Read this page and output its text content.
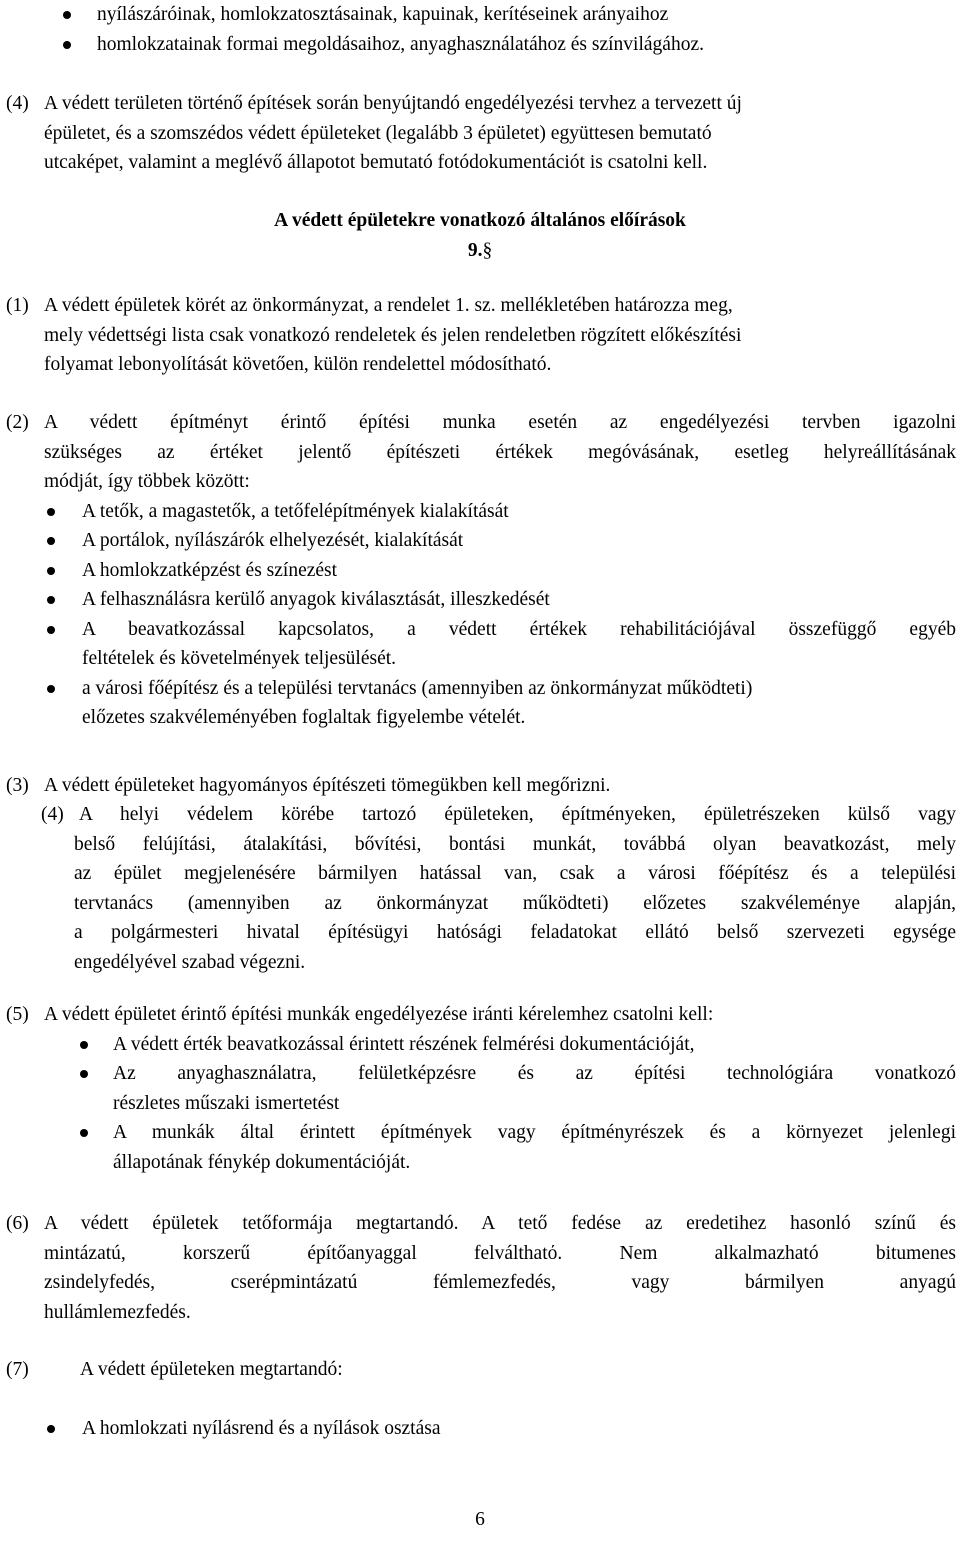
nyílászáróinak, homlokzatosztásainak, kapuinak, kerítéseinek arányaihoz
homlokzatainak formai megoldásaihoz, anyaghasználatához és színvilágához.
(4) A védett területen történő építések során benyújtandó engedélyezési tervhez a tervezett új
épületet, és a szomszédos védett épületeket (legalább 3 épületet) együttesen bemutató
utcaképet, valamint a meglévő állapotot bemutató fotódokumentációt is csatolni kell.
A védett épületekre vonatkozó általános előírások
9.§
(1) A védett épületek körét az önkormányzat, a rendelet 1. sz. mellékletében határozza meg,
mely védettségi lista csak vonatkozó rendeletek és jelen rendeletben rögzített előkészítési
folyamat lebonyolítását követően, külön rendelettel módosítható.
(2) A védett építményt érintő építési munka esetén az engedélyezési tervben igazolni
szükséges az értéket jelentő építészeti értékek megóvásának, esetleg helyreállításának
módját, így többek között:
A tetők, a magastetők, a tetőfelépítmények kialakítását
A portálok, nyílászárók elhelyezését, kialakítását
A homlokzatképzést és színezést
A felhasználásra kerülő anyagok kiválasztását, illeszkedését
A beavatkozással kapcsolatos, a védett értékek rehabilitációjával összefüggő egyéb
feltételek és követelmények teljesülését.
a városi főépítész és a települési tervtanács (amennyiben az önkormányzat működteti)
előzetes szakvéleményében foglaltak figyelembe vételét.
(3) A védett épületeket hagyományos építészeti tömegükben kell megőrizni.
(4) A helyi védelem körébe tartozó épületeken, építményeken, épületrészeken külső vagy
belső felújítási, átalakítási, bővítési, bontási munkát, továbbá olyan beavatkozást, mely
az épület megjelenésére bármilyen hatással van, csak a városi főépítész és a települési
tervtanács (amennyiben az önkormányzat működteti) előzetes szakvéleménye alapján,
a polgármesteri hivatal építésügyi hatósági feladatokat ellátó belső szervezeti egysége
engedélyével szabad végezni.
(5) A védett épületet érintő építési munkák engedélyezése iránti kérelemhez csatolni kell:
A védett érték beavatkozással érintett részének felmérési dokumentációját,
Az anyaghasználatra, felületképzésre és az építési technológiára vonatkozó
részletes műszaki ismertetést
A munkák által érintett építmények vagy építményrészek és a környezet jelenlegi
állapotának fénykép dokumentációját.
(6) A védett épületek tetőformája megtartandó. A tető fedése az eredetihez hasonló színű és
mintázatú, korszerű építőanyaggal felválthatό. Nem alkalmazható bitumenes
zsindelyfedés, cserépmintázatú fémlemezfedés, vagy bármilyen anyagú
hullámlemezfedés.
(7)	A védett épületeken megtartandó:
A homlokzati nyílásrend és a nyílások osztása
6
